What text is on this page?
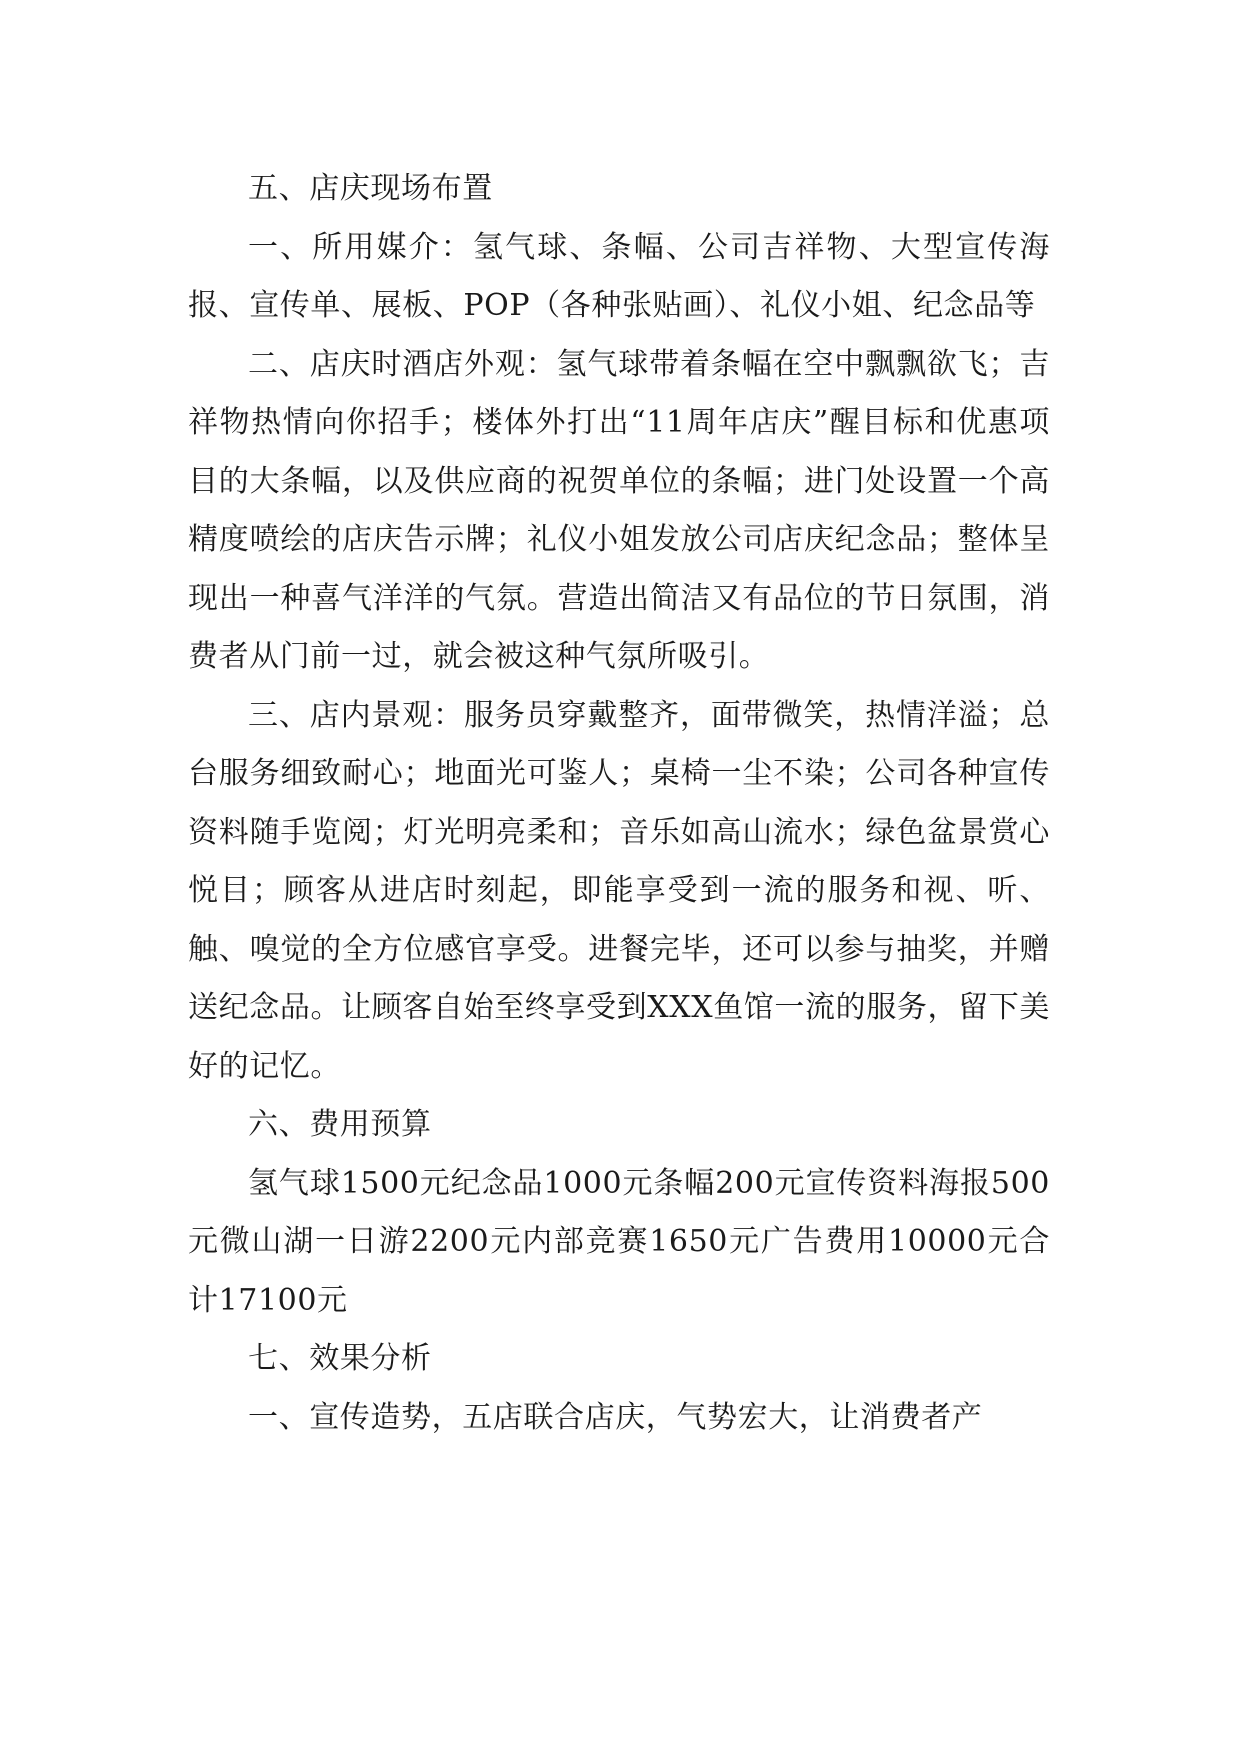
五、店庆现场布置

一、所用媒介：氢气球、条幅、公司吉祥物、大型宣传海报、宣传单、展板、POP（各种张贴画）、礼仪小姐、纪念品等

二、店庆时酒店外观：氢气球带着条幅在空中飘飘欲飞；吉祥物热情向你招手；楼体外打出“11周年店庆”醒目标和优惠项目的大条幅，以及供应商的祝贺单位的条幅；进门处设置一个高精度喷绘的店庆告示牌；礼仪小姐发放公司店庆纪念品；整体呈现出一种喜气洋洋的气氛。营造出简洁又有品位的节日氛围，消费者从门前一过，就会被这种气氛所吸引。

三、店内景观：服务员穿戴整齐，面带微笑，热情洋溢；总台服务细致耐心；地面光可鉴人；桌椅一尘不染；公司各种宣传资料随手览阅；灯光明亮柔和；音乐如高山流水；绿色盆景赏心悦目；顾客从进店时刻起，即能享受到一流的服务和视、听、触、嗅觉的全方位感官享受。进餐完毕，还可以参与抽奖，并赠送纪念品。让顾客自始至终享受到XXX鱼馆一流的服务，留下美好的记忆。

六、费用预算

氢气球1500元纪念品1000元条幅200元宣传资料海报500元微山湖一日游2200元内部竞赛1650元广告费用10000元合计17100元

七、效果分析

一、宣传造势，五店联合店庆，气势宏大，让消费者产
